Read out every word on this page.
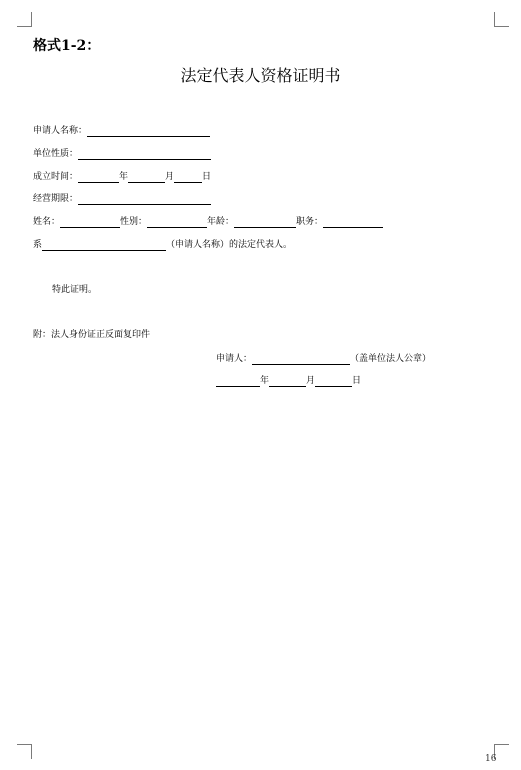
格式1-2：
法定代表人资格证明书
申请人名称：
单位性质：
成立时间：	年	月	日
经营期限：
姓名：	性别：	年龄：	职务：
系	（申请人名称）的法定代表人。
特此证明。
附：法人身份证正反面复印件
申请人：	（盖单位法人公章）
年	月	日
16
